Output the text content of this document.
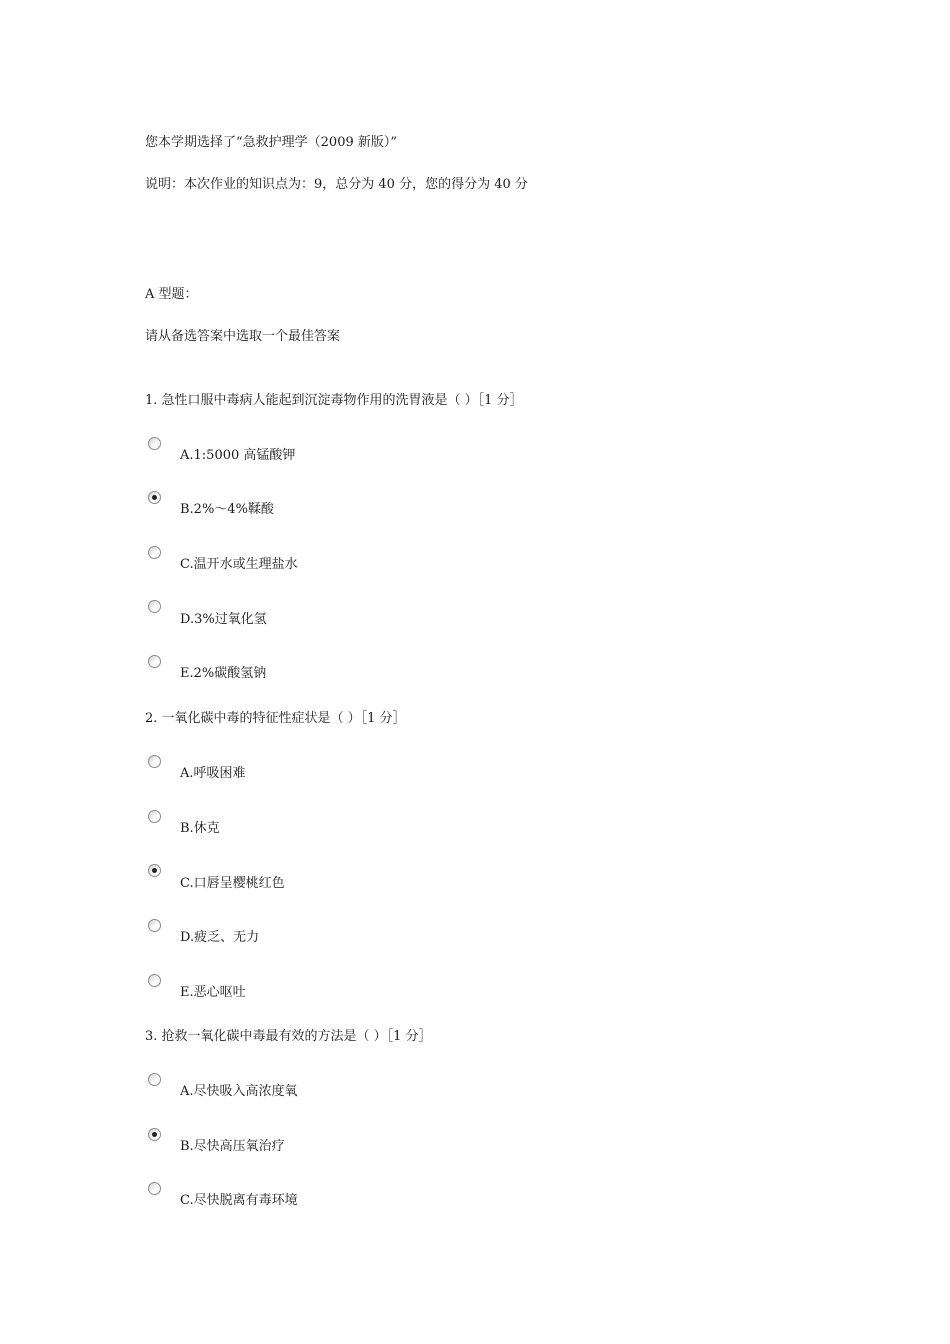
您本学期选择了“急救护理学（2009 新版）”
说明：本次作业的知识点为：9，总分为 40 分，您的得分为 40 分
A 型题：
请从备选答案中选取一个最佳答案
1. 急性口服中毒病人能起到沉淀毒物作用的洗胃液是（ ）［1 分］
A.1:5000 高锰酸钾
B.2%～4%鞣酸
C.温开水或生理盐水
D.3%过氧化氢
E.2%碳酸氢钠
2. 一氧化碳中毒的特征性症状是（ ）［1 分］
A.呼吸困难
B.休克
C.口唇呈樱桃红色
D.疲乏、无力
E.恶心呕吐
3. 抢救一氧化碳中毒最有效的方法是（ ）［1 分］
A.尽快吸入高浓度氧
B.尽快高压氧治疗
C.尽快脱离有毒环境
